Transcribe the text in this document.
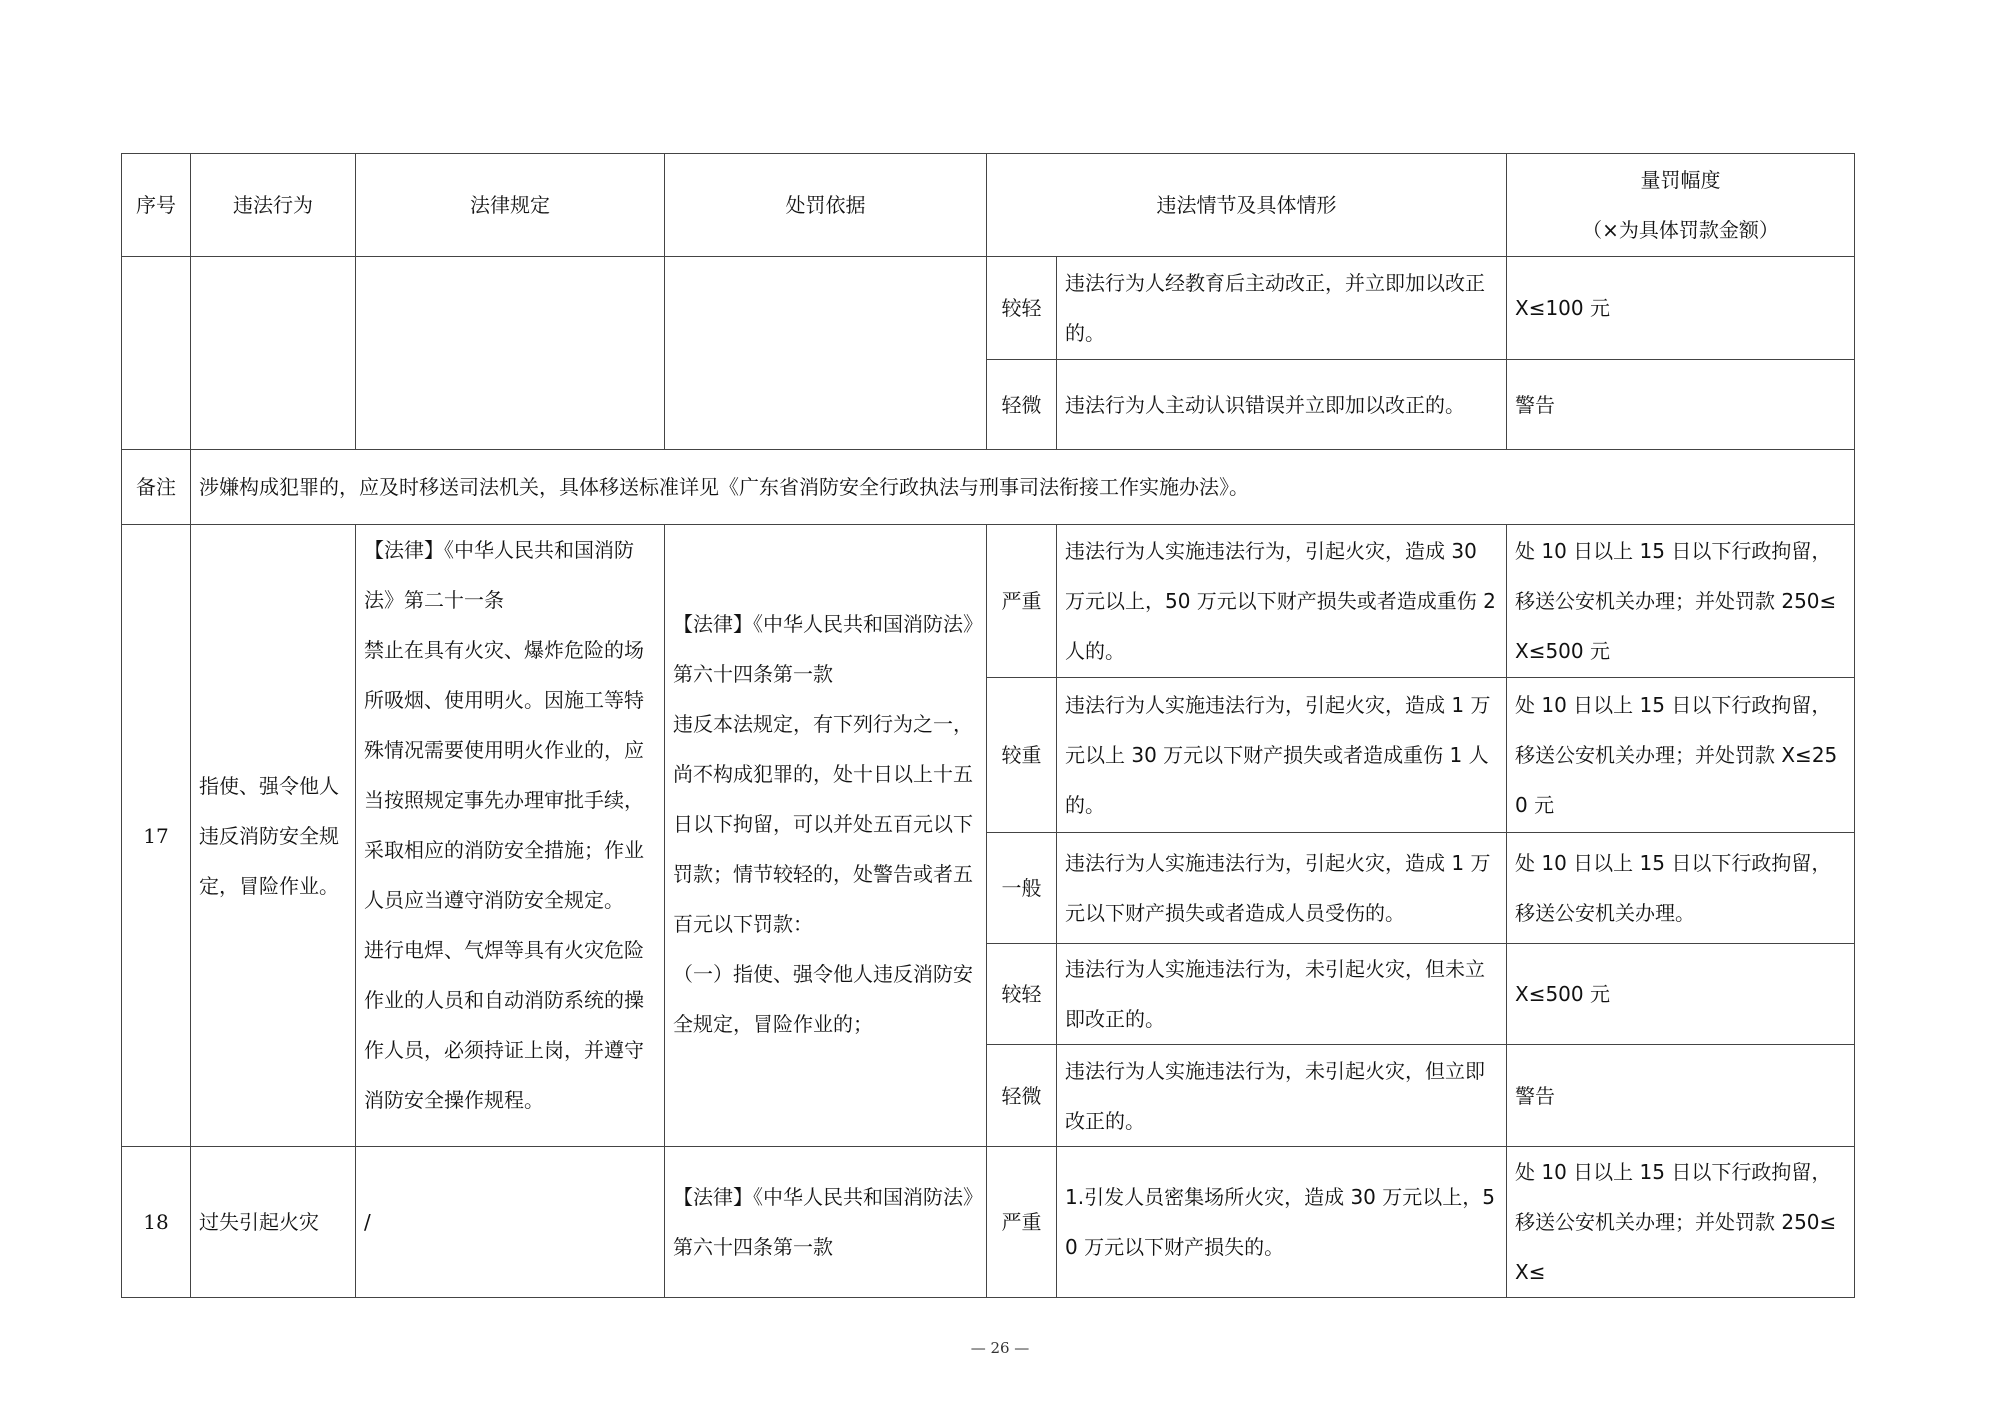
序号	违法行为	法律规定	处罚依据	违法情节及具体情形		量罚幅度
（×为具体罚款金额）

				较轻	违法行为人经教育后主动改正，并立即加以改正的。	X≤100 元
				轻微	违法行为人主动认识错误并立即加以改正的。	警告
备注	涉嫌构成犯罪的，应及时移送司法机关，具体移送标准详见《广东省消防安全行政执法与刑事司法衔接工作实施办法》。					
17	指使、强令他人违反消防安全规定，冒险作业。	【法律】《中华人民共和国消防法》第二十一条
禁止在具有火灾、爆炸危险的场所吸烟、使用明火。因施工等特殊情况需要使用明火作业的，应当按照规定事先办理审批手续，采取相应的消防安全措施；作业人员应当遵守消防安全规定。
进行电焊、气焊等具有火灾危险作业的人员和自动消防系统的操作人员，必须持证上岗，并遵守消防安全操作规程。	【法律】《中华人民共和国消防法》第六十四条第一款
违反本法规定，有下列行为之一，尚不构成犯罪的，处十日以上十五日以下拘留，可以并处五百元以下罚款；情节较轻的，处警告或者五百元以下罚款：
（一）指使、强令他人违反消防安全规定，冒险作业的；	严重	违法行为人实施违法行为，引起火灾，造成 30 万元以上，50 万元以下财产损失或者造成重伤 2 人的。	处 10 日以上 15 日以下行政拘留，移送公安机关办理；并处罚款 250≤X≤500 元
				较重	违法行为人实施违法行为，引起火灾，造成 1 万元以上 30 万元以下财产损失或者造成重伤 1 人的。	处 10 日以上 15 日以下行政拘留，移送公安机关办理；并处罚款 X≤250 元
				一般	违法行为人实施违法行为，引起火灾，造成 1 万元以下财产损失或者造成人员受伤的。	处 10 日以上 15 日以下行政拘留，移送公安机关办理。
				较轻	违法行为人实施违法行为，未引起火灾，但未立即改正的。	X≤500 元
				轻微	违法行为人实施违法行为，未引起火灾，但立即改正的。	警告
18	过失引起火灾	/	【法律】《中华人民共和国消防法》第六十四条第一款	严重	1.引发人员密集场所火灾，造成 30 万元以上，50 万元以下财产损失的。	处 10 日以上 15 日以下行政拘留，移送公安机关办理；并处罚款 250≤X≤
— 26 —
